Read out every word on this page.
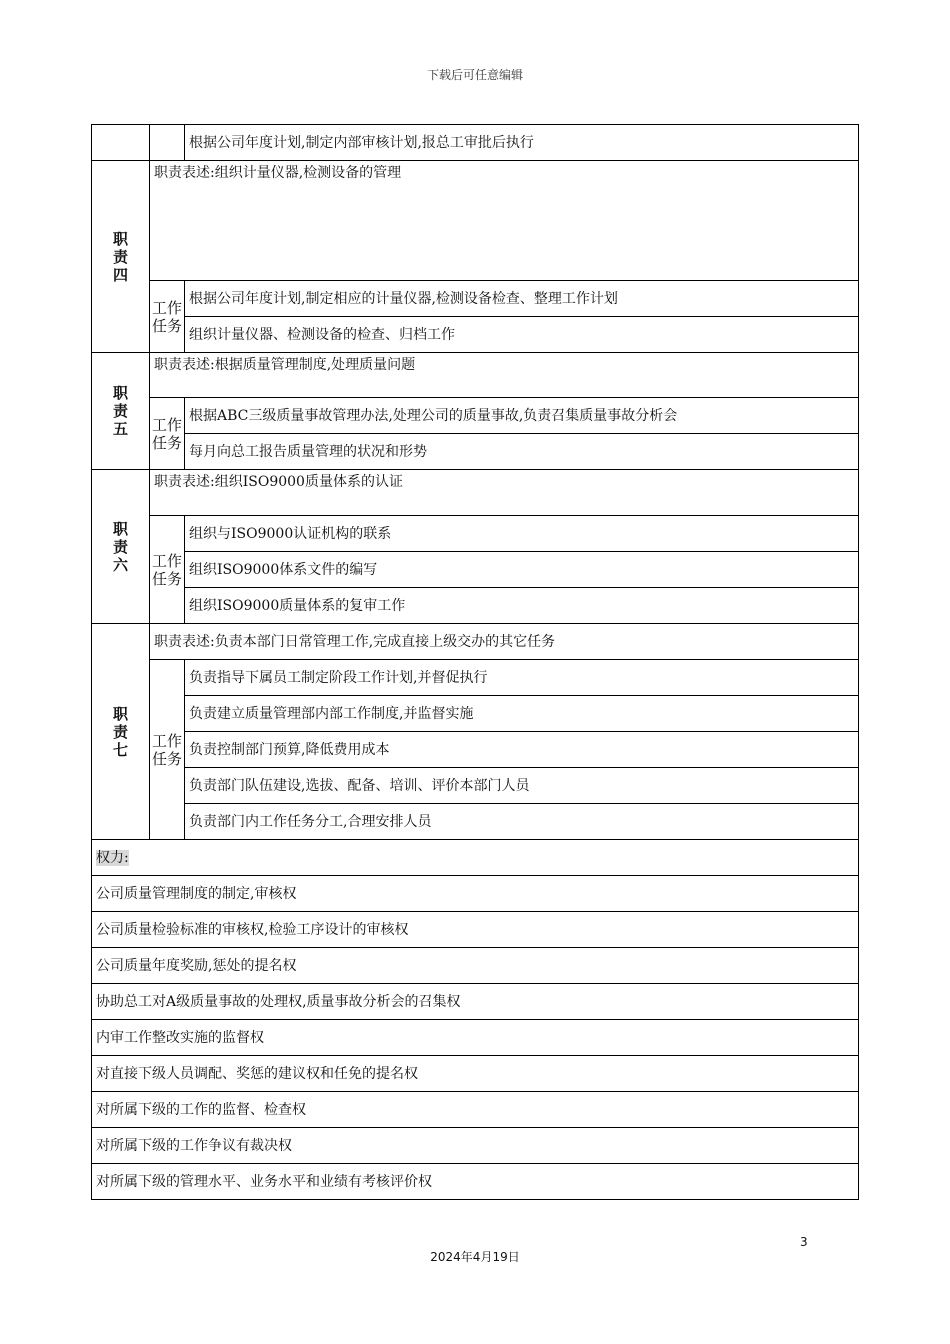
下载后可任意编辑
		根据公司年度计划,制定内部审核计划,报总工审批后执行

职
责
四	职责表述:组织计量仪器,检测设备的管理	

	工作
任务	根据公司年度计划,制定相应的计量仪器,检测设备检查、整理工作计划
		组织计量仪器、检测设备的检查、归档工作

职
责
五	职责表述:根据质量管理制度,处理质量问题	

	工作
任务	根据ABC三级质量事故管理办法,处理公司的质量事故,负责召集质量事故分析会
		每月向总工报告质量管理的状况和形势

职
责
六	职责表述:组织ISO9000质量体系的认证	

	工作
任务	组织与ISO9000认证机构的联系
		组织ISO9000体系文件的编写
		组织ISO9000质量体系的复审工作

职
责
七	职责表述:负责本部门日常管理工作,完成直接上级交办的其它任务	

	工作
任务	负责指导下属员工制定阶段工作计划,并督促执行
		负责建立质量管理部内部工作制度,并监督实施
		负责控制部门预算,降低费用成本
		负责部门队伍建设,选拔、配备、培训、评价本部门人员
		负责部门内工作任务分工,合理安排人员
权力:		
公司质量管理制度的制定,审核权		
公司质量检验标准的审核权,检验工序设计的审核权		
公司质量年度奖励,惩处的提名权		
协助总工对A级质量事故的处理权,质量事故分析会的召集权		
内审工作整改实施的监督权		
对直接下级人员调配、奖惩的建议权和任免的提名权		
对所属下级的工作的监督、检查权		
对所属下级的工作争议有裁决权		
对所属下级的管理水平、业务水平和业绩有考核评价权		
3
2024年4月19日
